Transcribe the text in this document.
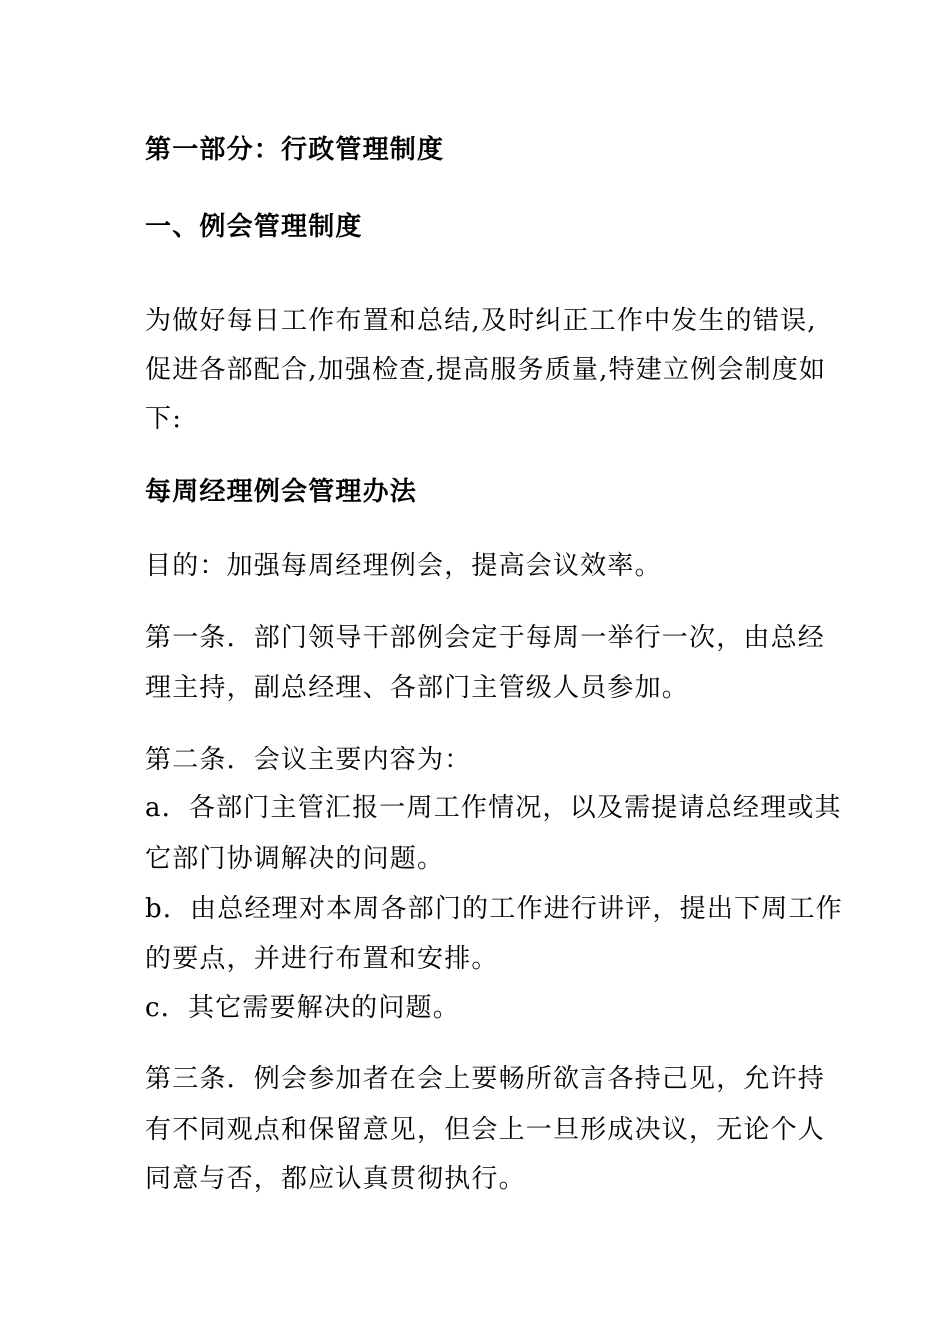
第一部分：行政管理制度
一、例会管理制度
为做好每日工作布置和总结,及时纠正工作中发生的错误,
促进各部配合,加强检查,提高服务质量,特建立例会制度如
下:
每周经理例会管理办法
目的：加强每周经理例会，提高会议效率。
第一条．部门领导干部例会定于每周一举行一次，由总经
理主持，副总经理、各部门主管级人员参加。
第二条．会议主要内容为：
a．各部门主管汇报一周工作情况，以及需提请总经理或其
它部门协调解决的问题。
b．由总经理对本周各部门的工作进行讲评，提出下周工作
的要点，并进行布置和安排。
c．其它需要解决的问题。
第三条．例会参加者在会上要畅所欲言各持己见，允许持
有不同观点和保留意见，但会上一旦形成决议，无论个人
同意与否，都应认真贯彻执行。
